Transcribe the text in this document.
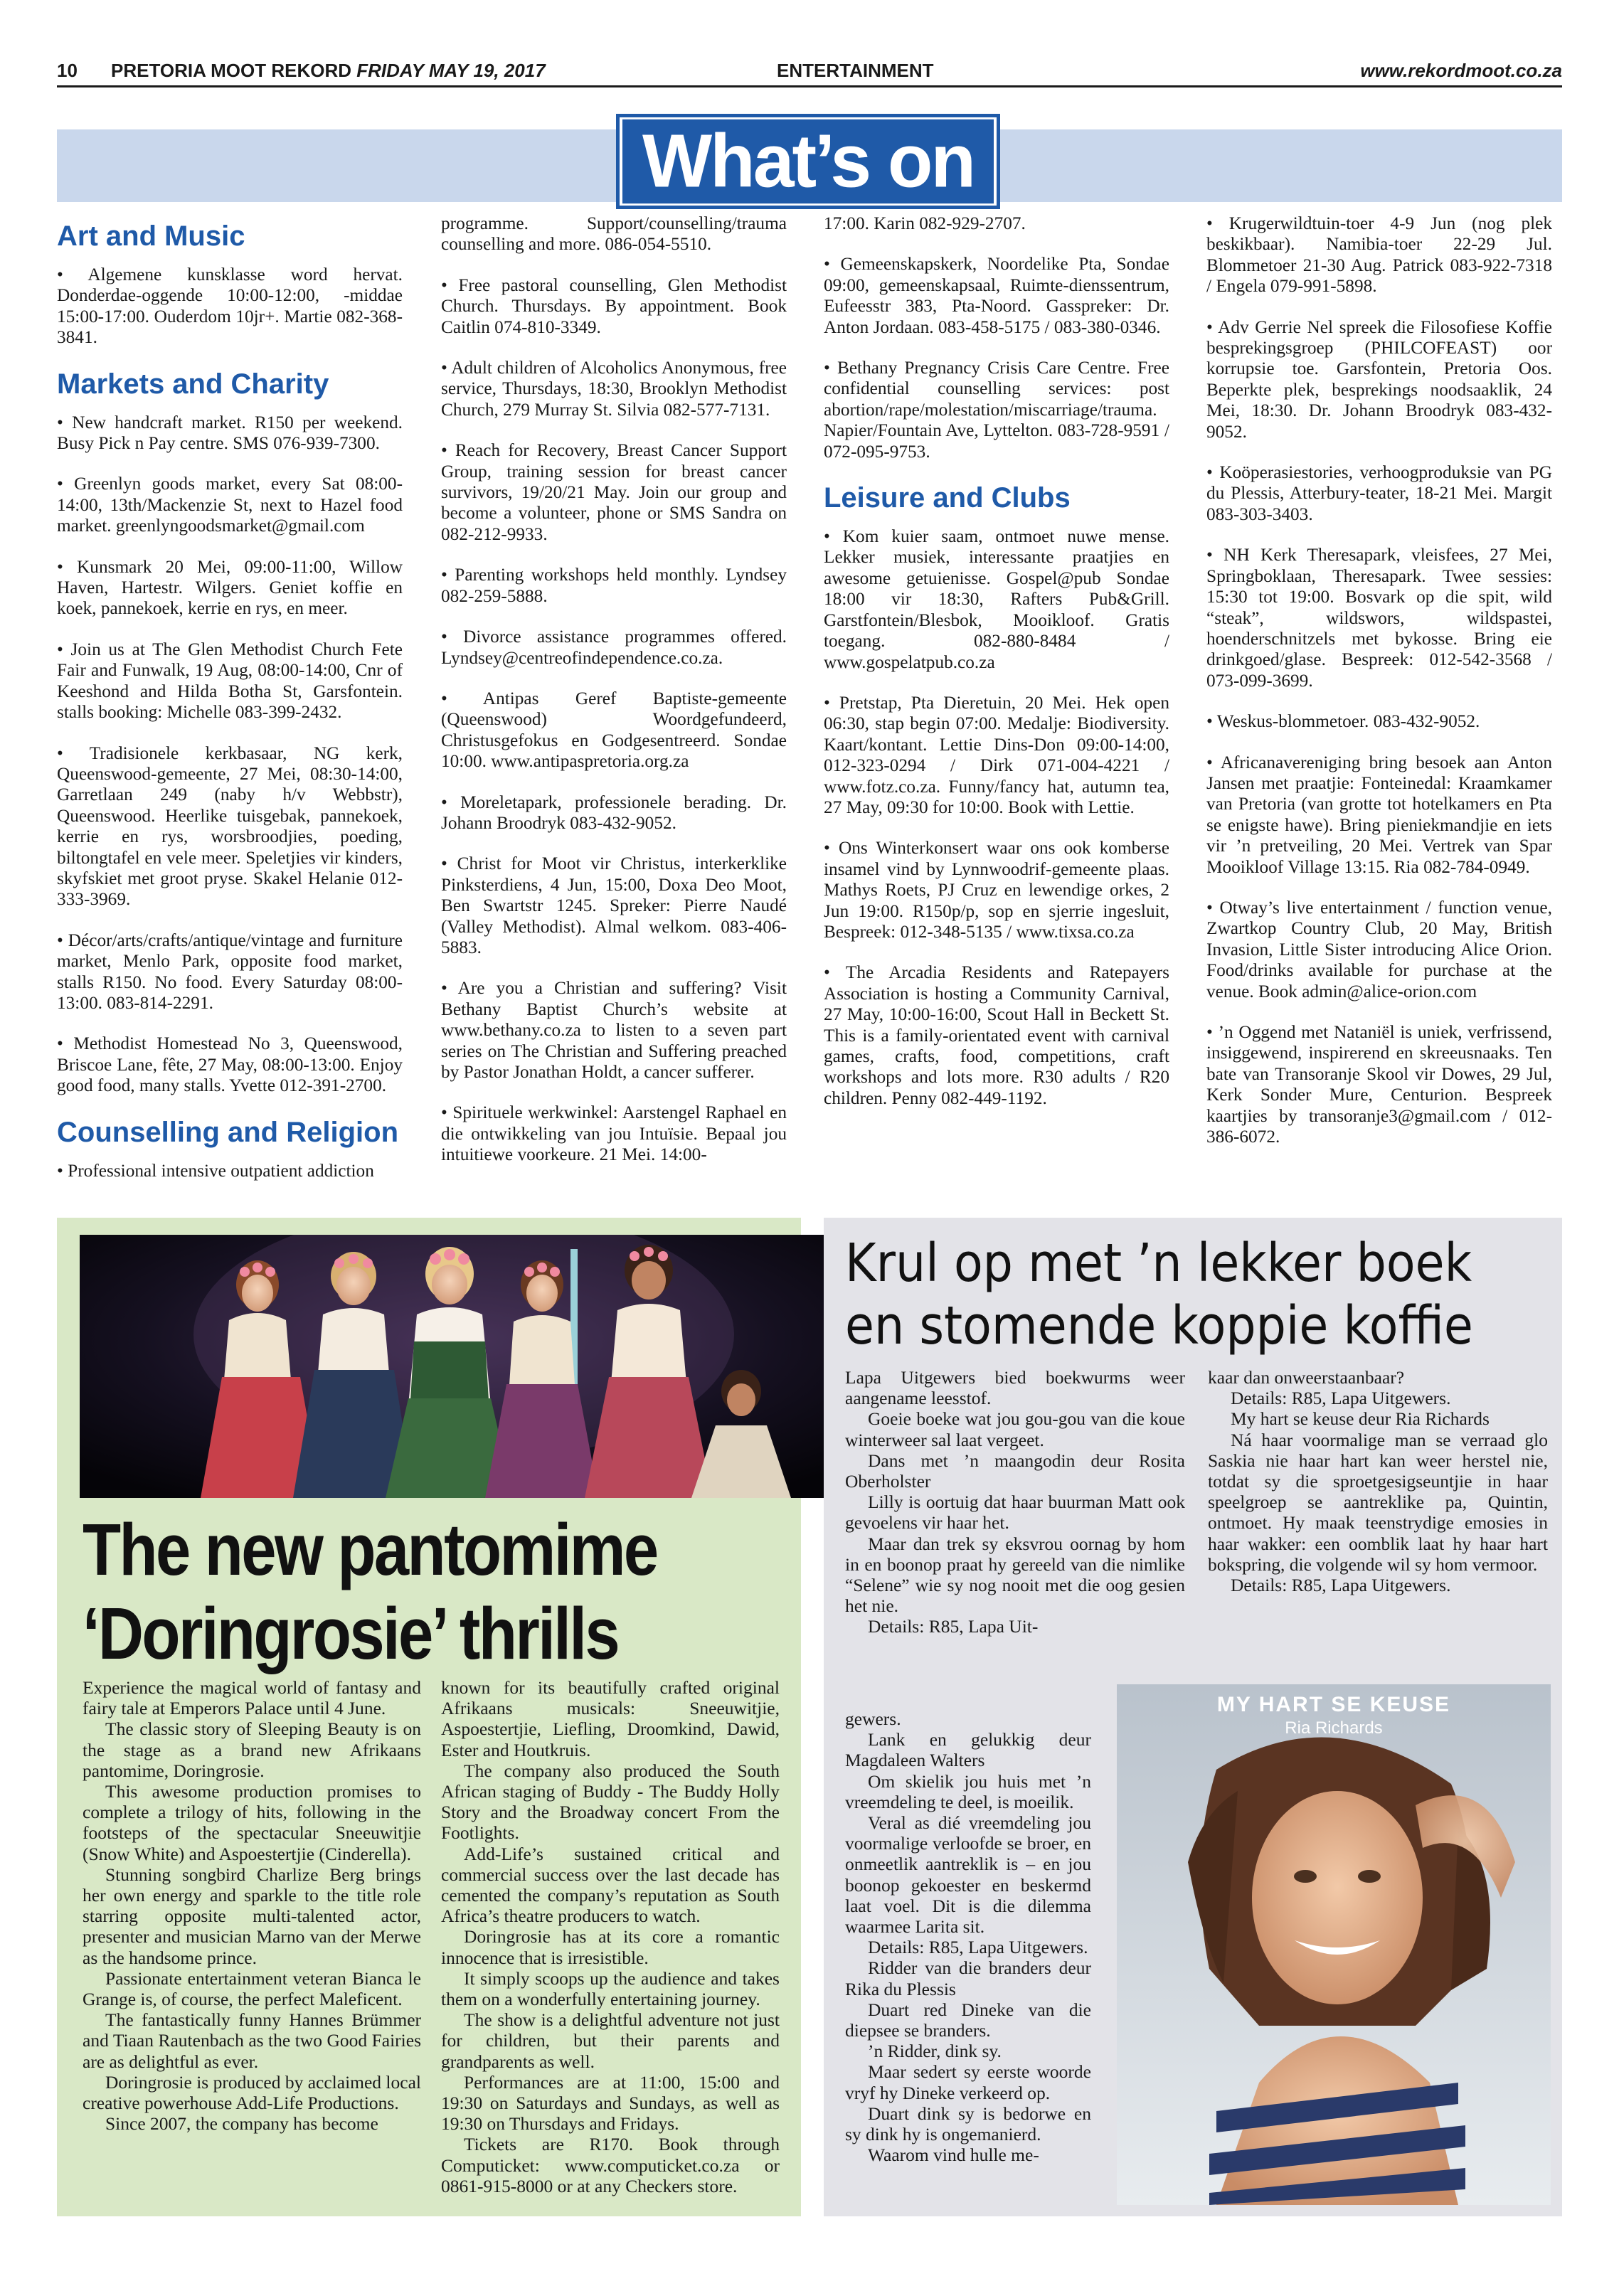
10 PRETORIA MOOT REKORD FRIDAY MAY 19, 2017	ENTERTAINMENT	www.rekordmoot.co.za
What’s on
Art and Music

• Algemene kunsklasse word hervat. Donderdae-oggende 10:00-12:00, -middae 15:00-17:00. Ouderdom 10jr+. Martie 082-368-3841.

Markets and Charity

• New handcraft market. R150 per weekend. Busy Pick n Pay centre. SMS 076-939-7300.

• Greenlyn goods market, every Sat 08:00-14:00, 13th/Mackenzie St, next to Hazel food market. greenlyngoodsmarket@gmail.com

• Kunsmark 20 Mei, 09:00-11:00, Willow Haven, Hartestr. Wilgers. Geniet koffie en koek, pannekoek, kerrie en rys, en meer.

• Join us at The Glen Methodist Church Fete Fair and Funwalk, 19 Aug, 08:00-14:00, Cnr of Keeshond and Hilda Botha St, Garsfontein. stalls booking: Michelle 083-399-2432.

• Tradisionele kerkbasaar, NG kerk, Queenswood-gemeente, 27 Mei, 08:30-14:00, Garretlaan 249 (naby h/v Webbstr), Queenswood. Heerlike tuisgebak, pannekoek, kerrie en rys, worsbroodjies, poeding, biltongtafel en vele meer. Speletjies vir kinders, skyfskiet met groot pryse. Skakel Helanie 012-333-3969.

• Décor/arts/crafts/antique/vintage and furniture market, Menlo Park, opposite food market, stalls R150. No food. Every Saturday 08:00-13:00. 083-814-2291.

• Methodist Homestead No 3, Queenswood, Briscoe Lane, fête, 27 May, 08:00-13:00. Enjoy good food, many stalls. Yvette 012-391-2700.

Counselling and Religion

• Professional intensive outpatient addiction

programme. Support/counselling/trauma counselling and more. 086-054-5510.

• Free pastoral counselling, Glen Methodist Church. Thursdays. By appointment. Book Caitlin 074-810-3349.

• Adult children of Alcoholics Anonymous, free service, Thursdays, 18:30, Brooklyn Methodist Church, 279 Murray St. Silvia 082-577-7131.

• Reach for Recovery, Breast Cancer Support Group, training session for breast cancer survivors, 19/20/21 May. Join our group and become a volunteer, phone or SMS Sandra on 082-212-9933.

• Parenting workshops held monthly. Lyndsey 082-259-5888.

• Divorce assistance programmes offered. Lyndsey@centreofindependence.co.za.

• Antipas Geref Baptiste-gemeente (Queenswood) Woordgefundeerd, Christusgefokus en Godgesentreerd. Sondae 10:00. www.antipaspretoria.org.za

• Moreletapark, professionele berading. Dr. Johann Broodryk 083-432-9052.

• Christ for Moot vir Christus, interkerklike Pinksterdiens, 4 Jun, 15:00, Doxa Deo Moot, Ben Swartstr 1245. Spreker: Pierre Naudé (Valley Methodist). Almal welkom. 083-406-5883.

• Are you a Christian and suffering? Visit Bethany Baptist Church’s website at www.bethany.co.za to listen to a seven part series on The Christian and Suffering preached by Pastor Jonathan Holdt, a cancer sufferer.

• Spirituele werkwinkel: Aarstengel Raphael en die ontwikkeling van jou Intuïsie. Bepaal jou intuitiewe voorkeure. 21 Mei. 14:00-

17:00. Karin 082-929-2707.

• Gemeenskapskerk, Noordelike Pta, Sondae 09:00, gemeenskapsaal, Ruimte-dienssentrum, Eufeesstr 383, Pta-Noord. Gasspreker: Dr. Anton Jordaan. 083-458-5175 / 083-380-0346.

• Bethany Pregnancy Crisis Care Centre. Free confidential counselling services: post abortion/rape/molestation/miscarriage/trauma. Napier/Fountain Ave, Lyttelton. 083-728-9591 / 072-095-9753.

Leisure and Clubs

• Kom kuier saam, ontmoet nuwe mense. Lekker musiek, interessante praatjies en awesome getuienisse. Gospel@pub Sondae 18:00 vir 18:30, Rafters Pub&Grill. Garstfontein/Blesbok, Mooikloof. Gratis toegang. 082-880-8484 / www.gospelatpub.co.za

• Pretstap, Pta Dieretuin, 20 Mei. Hek open 06:30, stap begin 07:00. Medalje: Biodiversity. Kaart/kontant. Lettie Dins-Don 09:00-14:00, 012-323-0294 / Dirk 071-004-4221 / www.fotz.co.za. Funny/fancy hat, autumn tea, 27 May, 09:30 for 10:00. Book with Lettie.

• Ons Winterkonsert waar ons ook komberse insamel vind by Lynnwoodrif-gemeente plaas. Mathys Roets, PJ Cruz en lewendige orkes, 2 Jun 19:00. R150p/p, sop en sjerrie ingesluit, Bespreek: 012-348-5135 / www.tixsa.co.za

• The Arcadia Residents and Ratepayers Association is hosting a Community Carnival, 27 May, 10:00-16:00, Scout Hall in Beckett St. This is a family-orientated event with carnival games, crafts, food, competitions, craft workshops and lots more. R30 adults / R20 children. Penny 082-449-1192.

• Krugerwildtuin-toer 4-9 Jun (nog plek beskikbaar). Namibia-toer 22-29 Jul. Blommetoer 21-30 Aug. Patrick 083-922-7318 / Engela 079-991-5898.

• Adv Gerrie Nel spreek die Filosofiese Koffie besprekingsgroep (PHILCOFEAST) oor korrupsie toe. Garsfontein, Pretoria Oos. Beperkte plek, besprekings noodsaaklik, 24 Mei, 18:30. Dr. Johann Broodryk 083-432-9052.

• Koöperasiestories, verhoogproduksie van PG du Plessis, Atterbury-teater, 18-21 Mei. Margit 083-303-3403.

• NH Kerk Theresapark, vleisfees, 27 Mei, Springboklaan, Theresapark. Twee sessies: 15:30 tot 19:00. Bosvark op die spit, wild “steak”, wildswors, wildspastei, hoenderschnitzels met bykosse. Bring eie drinkgoed/glase. Bespreek: 012-542-3568 / 073-099-3699.

• Weskus-blommetoer. 083-432-9052.

• Africanavereniging bring besoek aan Anton Jansen met praatjie: Fonteinedal: Kraamkamer van Pretoria (van grotte tot hotelkamers en Pta se enigste hawe). Bring pieniekmandjie en iets vir ’n pretveiling, 20 Mei. Vertrek van Spar Mooikloof Village 13:15. Ria 082-784-0949.

• Otway’s live entertainment / function venue, Zwartkop Country Club, 20 May, British Invasion, Little Sister introducing Alice Orion. Food/drinks available for purchase at the venue. Book admin@alice-orion.com

• ’n Oggend met Nataniël is uniek, verfrissend, insiggewend, inspirerend en skreeusnaaks. Ten bate van Transoranje Skool vir Dowes, 29 Jul, Kerk Sonder Mure, Centurion. Bespreek kaartjies by transoranje3@gmail.com / 012-386-6072.

The new pantomime
‘Doringrosie’ thrills

Experience the magical world of fantasy and fairy tale at Emperors Palace until 4 June.

The classic story of Sleeping Beauty is on the stage as a brand new Afrikaans pantomime, Doringrosie.

This awesome production promises to complete a trilogy of hits, following in the footsteps of the spectacular Sneeuwitjie (Snow White) and Aspoestertjie (Cinderella).

Stunning songbird Charlize Berg brings her own energy and sparkle to the title role starring opposite multi-talented actor, presenter and musician Marno van der Merwe as the handsome prince.

Passionate entertainment veteran Bianca le Grange is, of course, the perfect Maleficent.

The fantastically funny Hannes Brümmer and Tiaan Rautenbach as the two Good Fairies are as delightful as ever.

Doringrosie is produced by acclaimed local creative powerhouse Add-Life Productions.

Since 2007, the company has become

known for its beautifully crafted original Afrikaans musicals: Sneeuwitjie, Aspoestertjie, Liefling, Droomkind, Dawid, Ester and Houtkruis.

The company also produced the South African staging of Buddy - The Buddy Holly Story and the Broadway concert From the Footlights.

Add-Life’s sustained critical and commercial success over the last decade has cemented the company’s reputation as South Africa’s theatre producers to watch.

Doringrosie has at its core a romantic innocence that is irresistible.

It simply scoops up the audience and takes them on a wonderfully entertaining journey.

The show is a delightful adventure not just for children, but their parents and grandparents as well.

Performances are at 11:00, 15:00 and 19:30 on Saturdays and Sundays, as well as 19:30 on Thursdays and Fridays.

Tickets are R170. Book through Computicket: www.computicket.co.za or 0861-915-8000 or at any Checkers store.

Krul op met ’n lekker boek
en stomende koppie koffie

Lapa Uitgewers bied boekwurms weer aangename leesstof.

Goeie boeke wat jou gou-gou van die koue winterweer sal laat vergeet.

Dans met ’n maangodin deur Rosita Oberholster

Lilly is oortuig dat haar buurman Matt ook gevoelens vir haar het.

Maar dan trek sy eksvrou oornag by hom in en boonop praat hy gereeld van die nimlike “Selene” wie sy nog nooit met die oog gesien het nie.

Details: R85, Lapa Uit-

gewers.

Lank en gelukkig deur Magdaleen Walters

Om skielik jou huis met ’n vreemdeling te deel, is moeilik.

Veral as dié vreemdeling jou voormalige verloofde se broer, en onmeetlik aantreklik is – en jou boonop gekoester en beskermd laat voel. Dit is die dilemma waarmee Larita sit.

Details: R85, Lapa Uitgewers.

Ridder van die branders deur Rika du Plessis

Duart red Dineke van die diepsee se branders.

’n Ridder, dink sy.

Maar sedert sy eerste woorde vryf hy Dineke verkeerd op.

Duart dink sy is bedorwe en sy dink hy is ongemanierd.

Waarom vind hulle me-

kaar dan onweerstaanbaar?

Details: R85, Lapa Uitgewers.

My hart se keuse deur Ria Richards

Ná haar voormalige man se verraad glo Saskia nie haar hart kan weer herstel nie, totdat sy die sproetgesigseuntjie in haar speelgroep se aantreklike pa, Quintin, ontmoet. Hy maak teenstrydige emosies in haar wakker: een oomblik laat hy haar hart bokspring, die volgende wil sy hom vermoor.

Details: R85, Lapa Uitgewers.

MY HART SE KEUSE
Ria Richards
